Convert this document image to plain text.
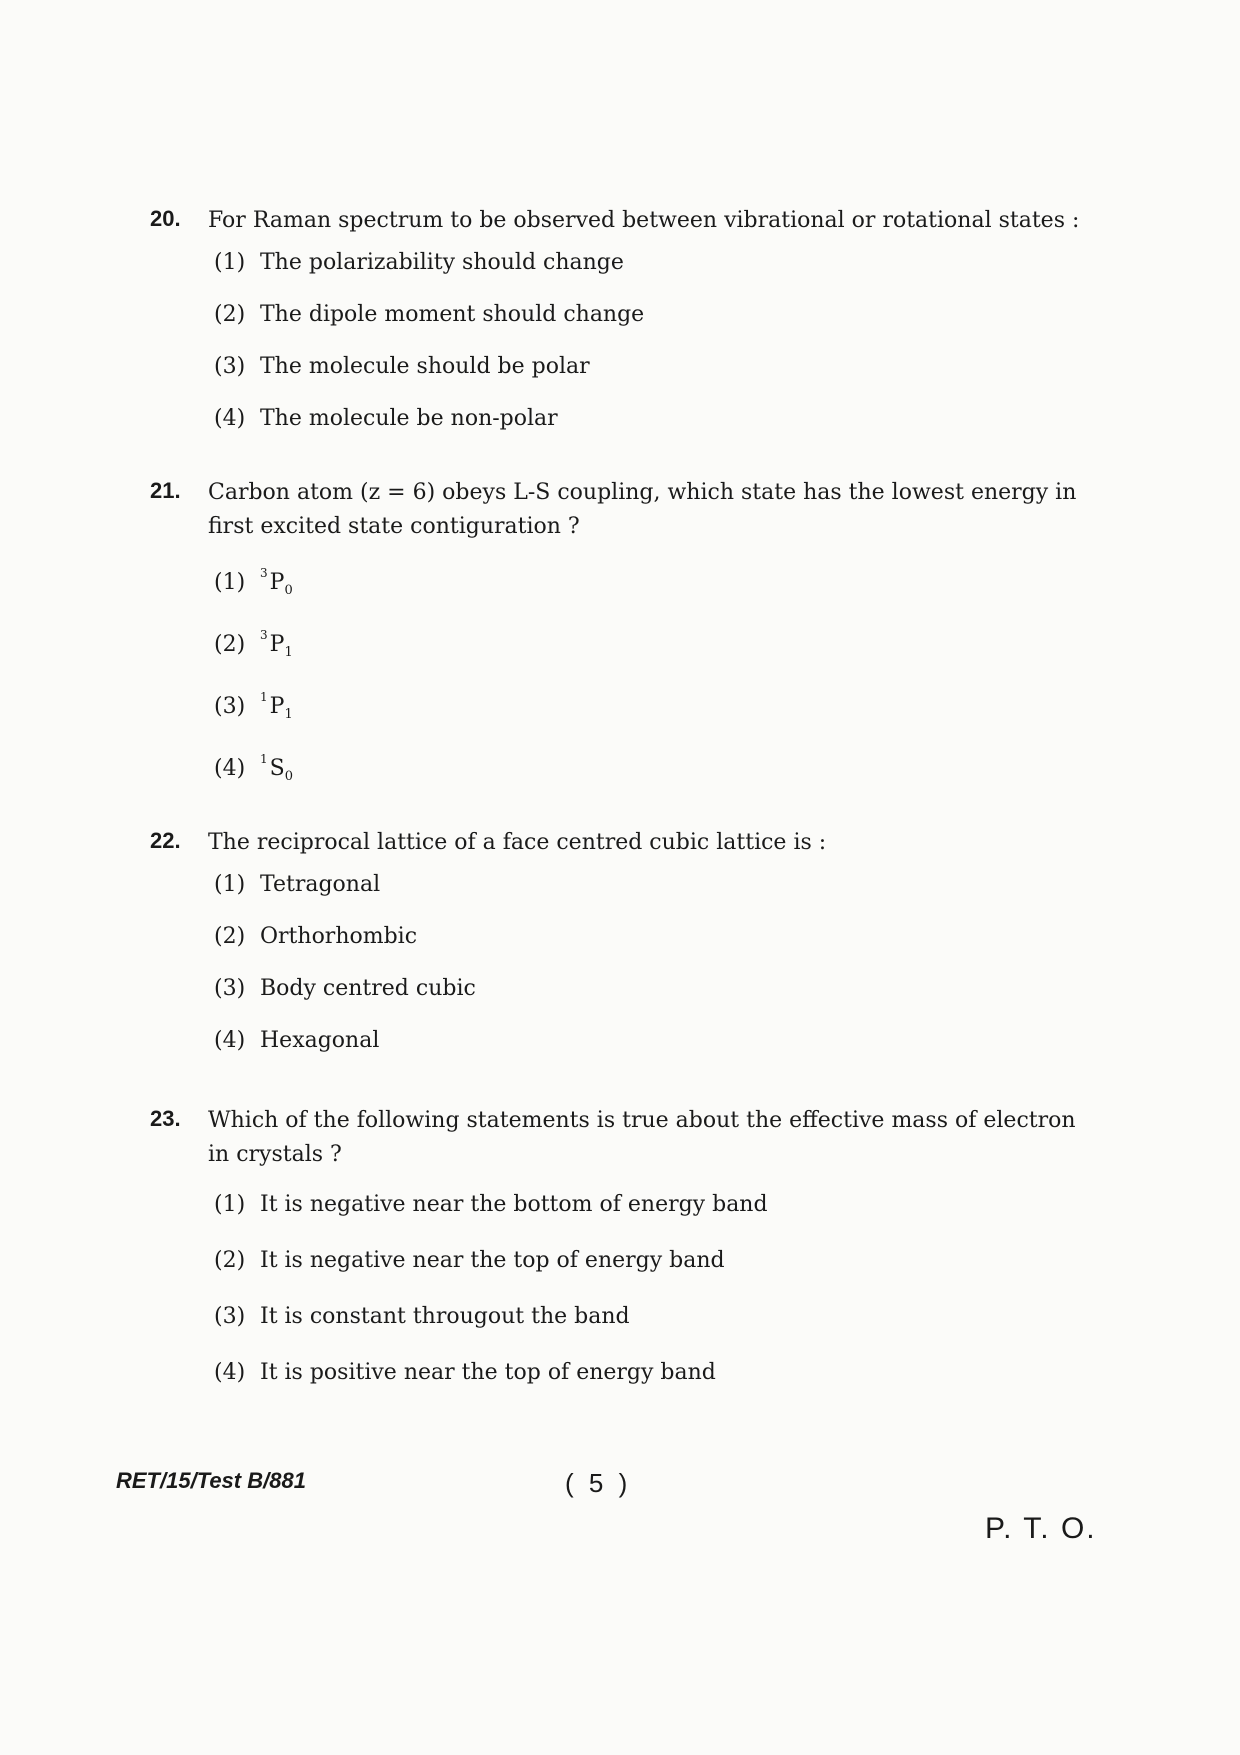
20.	For Raman spectrum to be observed between vibrational or rotational states :
(1) The polarizability should change
(2) The dipole moment should change
(3) The molecule should be polar
(4) The molecule be non-polar
21.	Carbon atom (z = 6) obeys L-S coupling, which state has the lowest energy in first excited state contiguration ?
(1)	$^3P_0$
(2)	$^3P_1$
(3)	$^1P_1$
(4)	$^1S_0$
22.	The reciprocal lattice of a face centred cubic lattice is :
(1) Tetragonal
(2) Orthorhombic
(3) Body centred cubic
(4) Hexagonal
23.	Which of the following statements is true about the effective mass of electron in crystals ?
(1) It is negative near the bottom of energy band
(2) It is negative near the top of energy band
(3) It is constant througout the band
(4) It is positive near the top of energy band
RET/15/Test B/881	( 5 )
P. T. O.
